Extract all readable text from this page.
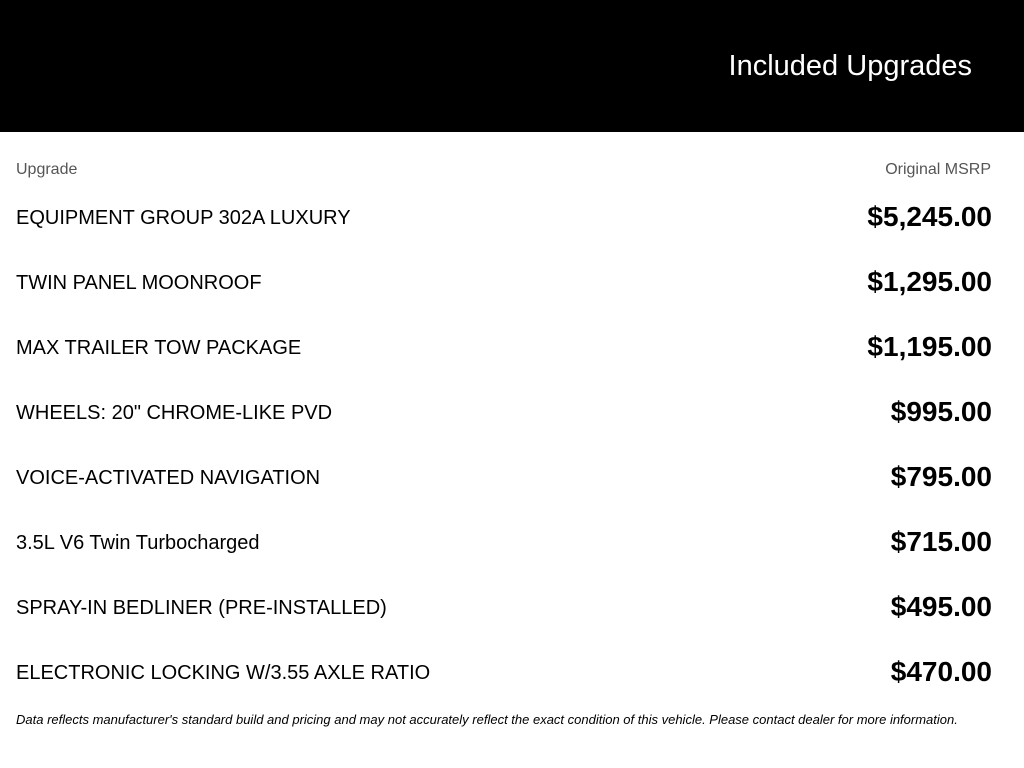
Included Upgrades
Upgrade	Original MSRP
EQUIPMENT GROUP 302A LUXURY	$5,245.00
TWIN PANEL MOONROOF	$1,295.00
MAX TRAILER TOW PACKAGE	$1,195.00
WHEELS: 20" CHROME-LIKE PVD	$995.00
VOICE-ACTIVATED NAVIGATION	$795.00
3.5L V6 Twin Turbocharged	$715.00
SPRAY-IN BEDLINER (PRE-INSTALLED)	$495.00
ELECTRONIC LOCKING W/3.55 AXLE RATIO	$470.00
Data reflects manufacturer's standard build and pricing and may not accurately reflect the exact condition of this vehicle. Please contact dealer for more information.
